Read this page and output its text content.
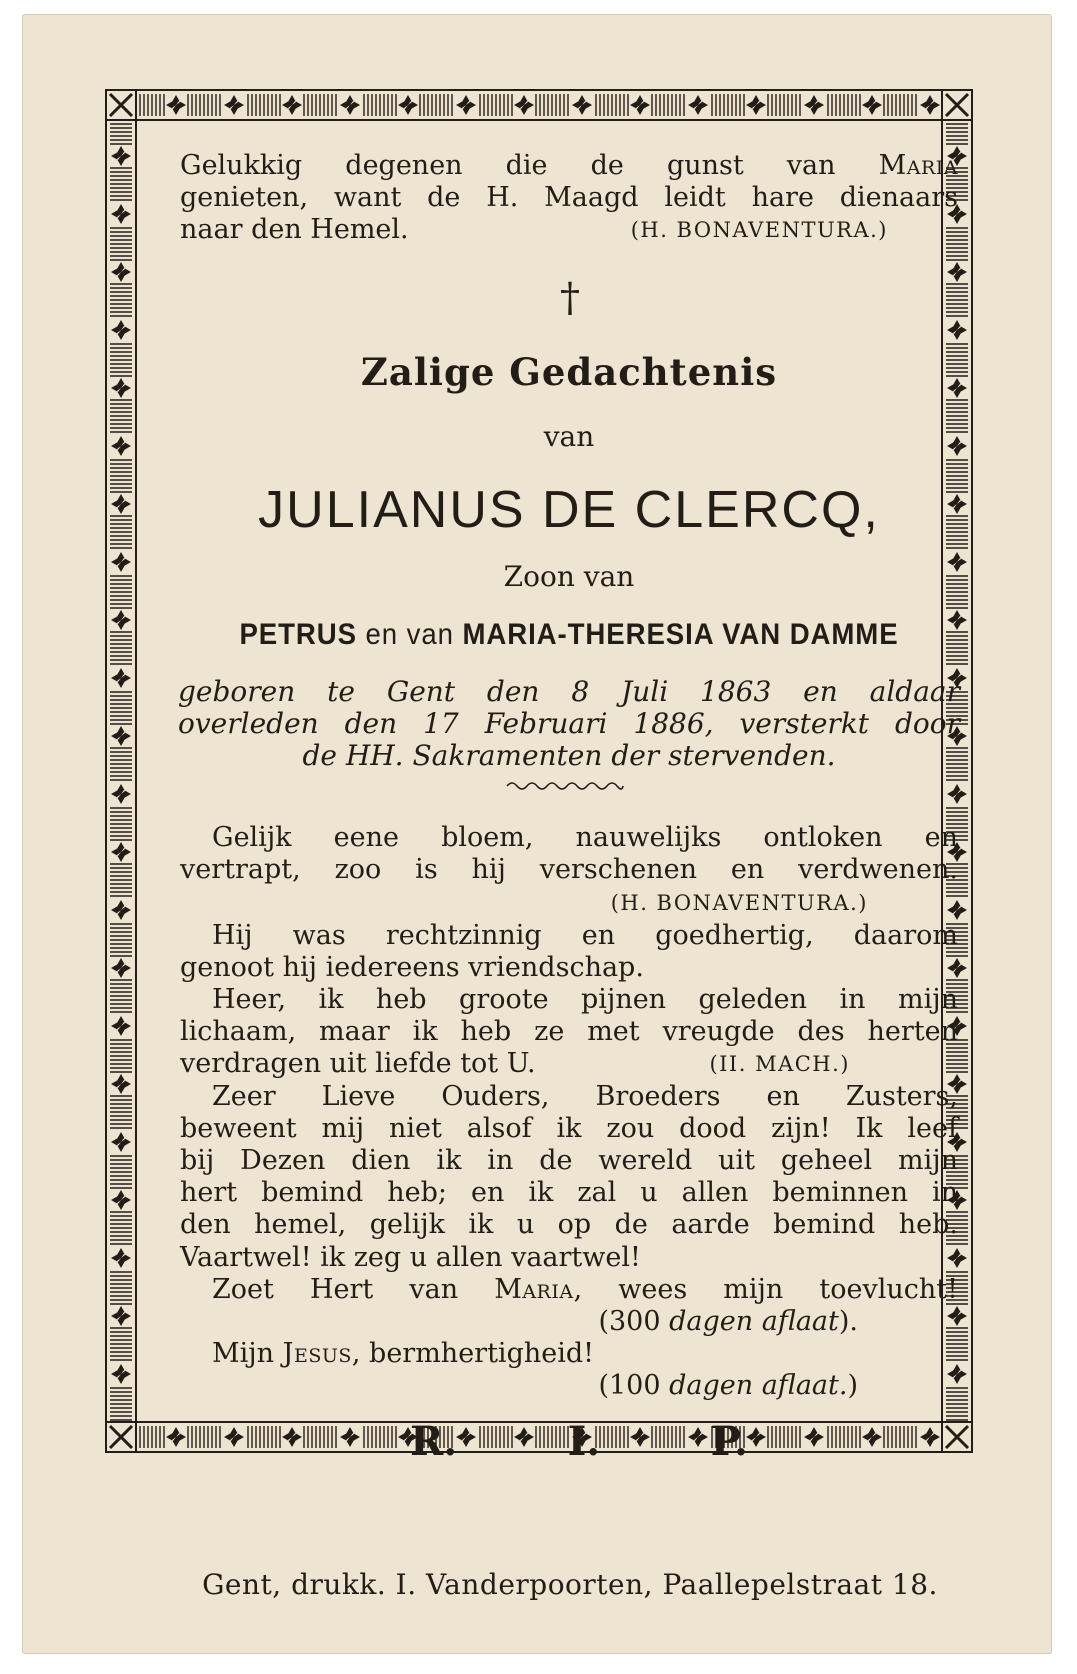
Gelukkig degenen die de gunst van Maria

genieten, want de H. Maagd leidt hare dienaars

naar den Hemel.	(H. BONAVENTURA.)

†
Zalige Gedachtenis
van
JULIANUS DE CLERCQ,
Zoon van
PETRUS en van MARIA-THERESIA VAN DAMME

geboren te Gent den 8 Juli 1863 en aldaar

overleden den 17 Februari 1886, versterkt door

de HH. Sakramenten der stervenden.

Gelijk eene bloem, nauwelijks ontloken en

vertrapt, zoo is hij verschenen en verdwenen.

(H. BONAVENTURA.)

Hij was rechtzinnig en goedhertig, daarom

genoot hij iedereens vriendschap.

Heer, ik heb groote pijnen geleden in mijn

lichaam, maar ik heb ze met vreugde des herten

verdragen uit liefde tot U.	(II. MACH.)

Zeer Lieve Ouders, Broeders en Zusters,

beweent mij niet alsof ik zou dood zijn! Ik leef

bij Dezen dien ik in de wereld uit geheel mijn

hert bemind heb; en ik zal u allen beminnen in

den hemel, gelijk ik u op de aarde bemind heb.

Vaartwel! ik zeg u allen vaartwel!

Zoet Hert van Maria, wees mijn toevlucht!

(300 dagen aflaat).

Mijn Jesus, bermhertigheid!

(100 dagen aflaat.)

R.	I.	P.
Gent, drukk. I. Vanderpoorten, Paallepelstraat 18.
